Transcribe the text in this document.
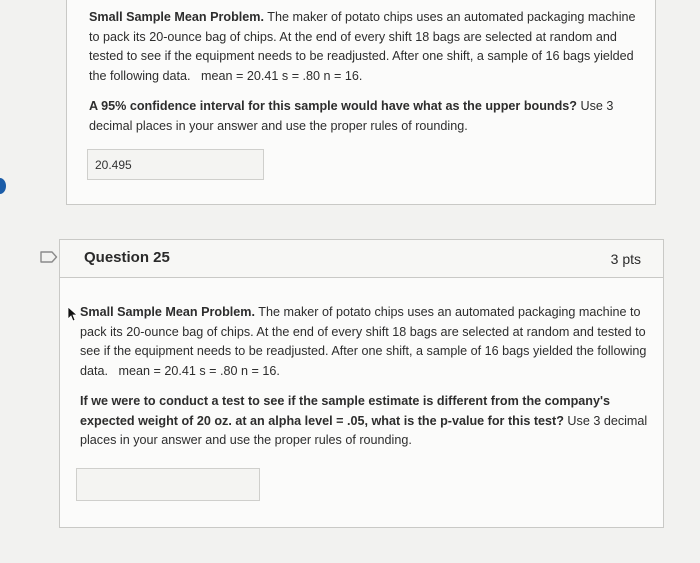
Small Sample Mean Problem. The maker of potato chips uses an automated packaging machine to pack its 20-ounce bag of chips. At the end of every shift 18 bags are selected at random and tested to see if the equipment needs to be readjusted. After one shift, a sample of 16 bags yielded the following data. mean = 20.41 s = .80 n = 16.

A 95% confidence interval for this sample would have what as the upper bounds? Use 3 decimal places in your answer and use the proper rules of rounding.

20.495
Question 25	3 pts

Small Sample Mean Problem. The maker of potato chips uses an automated packaging machine to pack its 20-ounce bag of chips. At the end of every shift 18 bags are selected at random and tested to see if the equipment needs to be readjusted. After one shift, a sample of 16 bags yielded the following data. mean = 20.41 s = .80 n = 16.

If we were to conduct a test to see if the sample estimate is different from the company's expected weight of 20 oz. at an alpha level = .05, what is the p-value for this test? Use 3 decimal places in your answer and use the proper rules of rounding.
